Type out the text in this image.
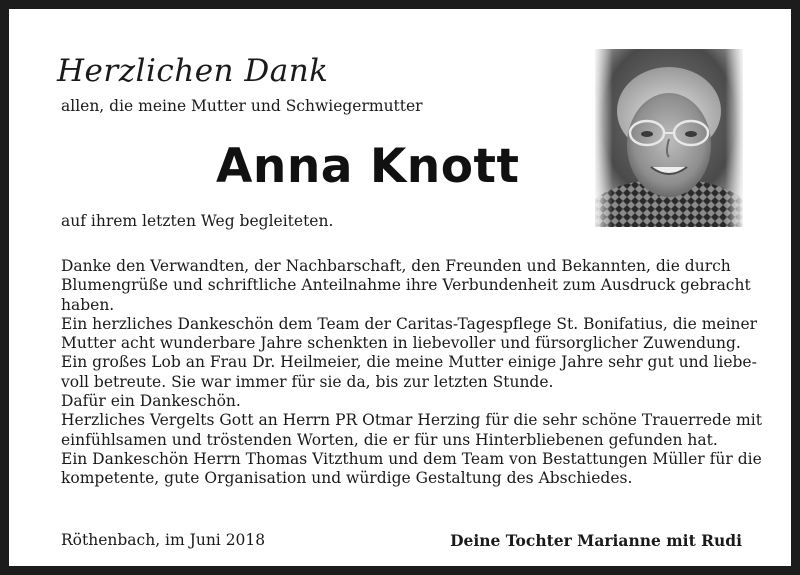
Herzlichen Dank
allen, die meine Mutter und Schwiegermutter
Anna Knott
auf ihrem letzten Weg begleiteten.
Danke den Verwandten, der Nachbarschaft, den Freunden und Bekannten, die durch
Blumengrüße und schriftliche Anteilnahme ihre Verbundenheit zum Ausdruck gebracht
haben.
Ein herzliches Dankeschön dem Team der Caritas-Tagespflege St. Bonifatius, die meiner
Mutter acht wunderbare Jahre schenkten in liebevoller und fürsorglicher Zuwendung.
Ein großes Lob an Frau Dr. Heilmeier, die meine Mutter einige Jahre sehr gut und liebe-
voll betreute. Sie war immer für sie da, bis zur letzten Stunde.
Dafür ein Dankeschön.
Herzliches Vergelts Gott an Herrn PR Otmar Herzing für die sehr schöne Trauerrede mit
einfühlsamen und tröstenden Worten, die er für uns Hinterbliebenen gefunden hat.
Ein Dankeschön Herrn Thomas Vitzthum und dem Team von Bestattungen Müller für die
kompetente, gute Organisation und würdige Gestaltung des Abschiedes.
Röthenbach, im Juni 2018	Deine Tochter Marianne mit Rudi
